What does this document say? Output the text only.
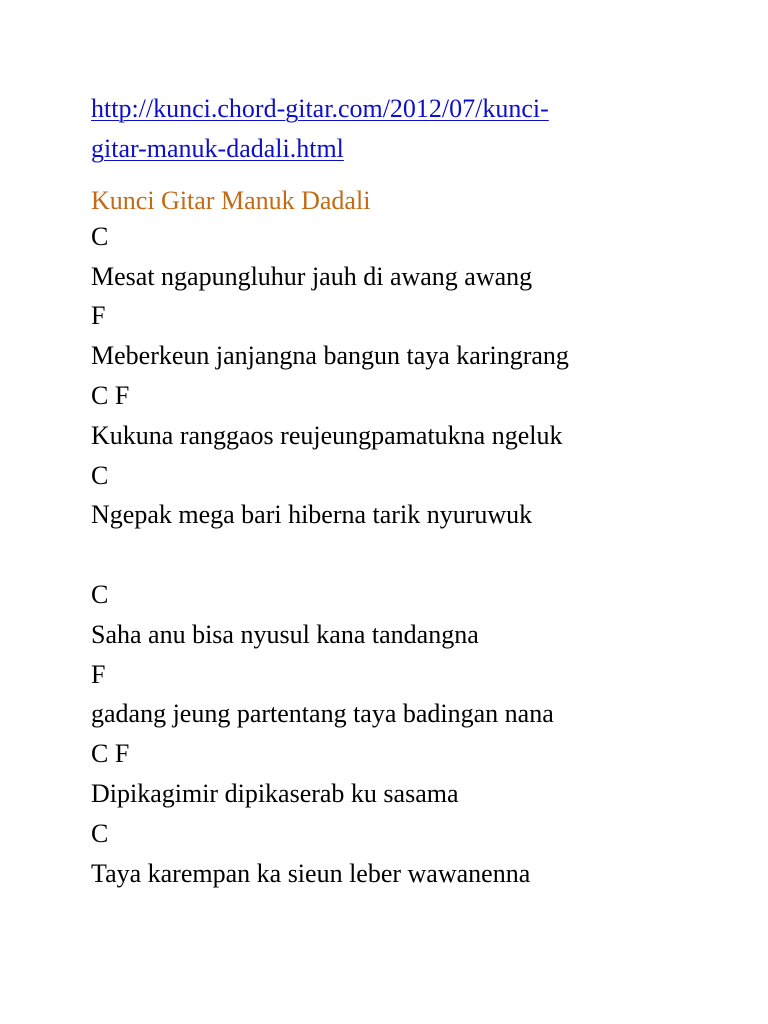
http://kunci.chord-gitar.com/2012/07/kunci-
gitar-manuk-dadali.html
Kunci Gitar Manuk Dadali
C
Mesat ngapungluhur jauh di awang awang
F
Meberkeun janjangna bangun taya karingrang
C F
Kukuna ranggaos reujeungpamatukna ngeluk
C
Ngepak mega bari hiberna tarik nyuruwuk
C
Saha anu bisa nyusul kana tandangna
F
gadang jeung partentang taya badingan nana
C F
Dipikagimir dipikaserab ku sasama
C
Taya karempan ka sieun leber wawanenna
